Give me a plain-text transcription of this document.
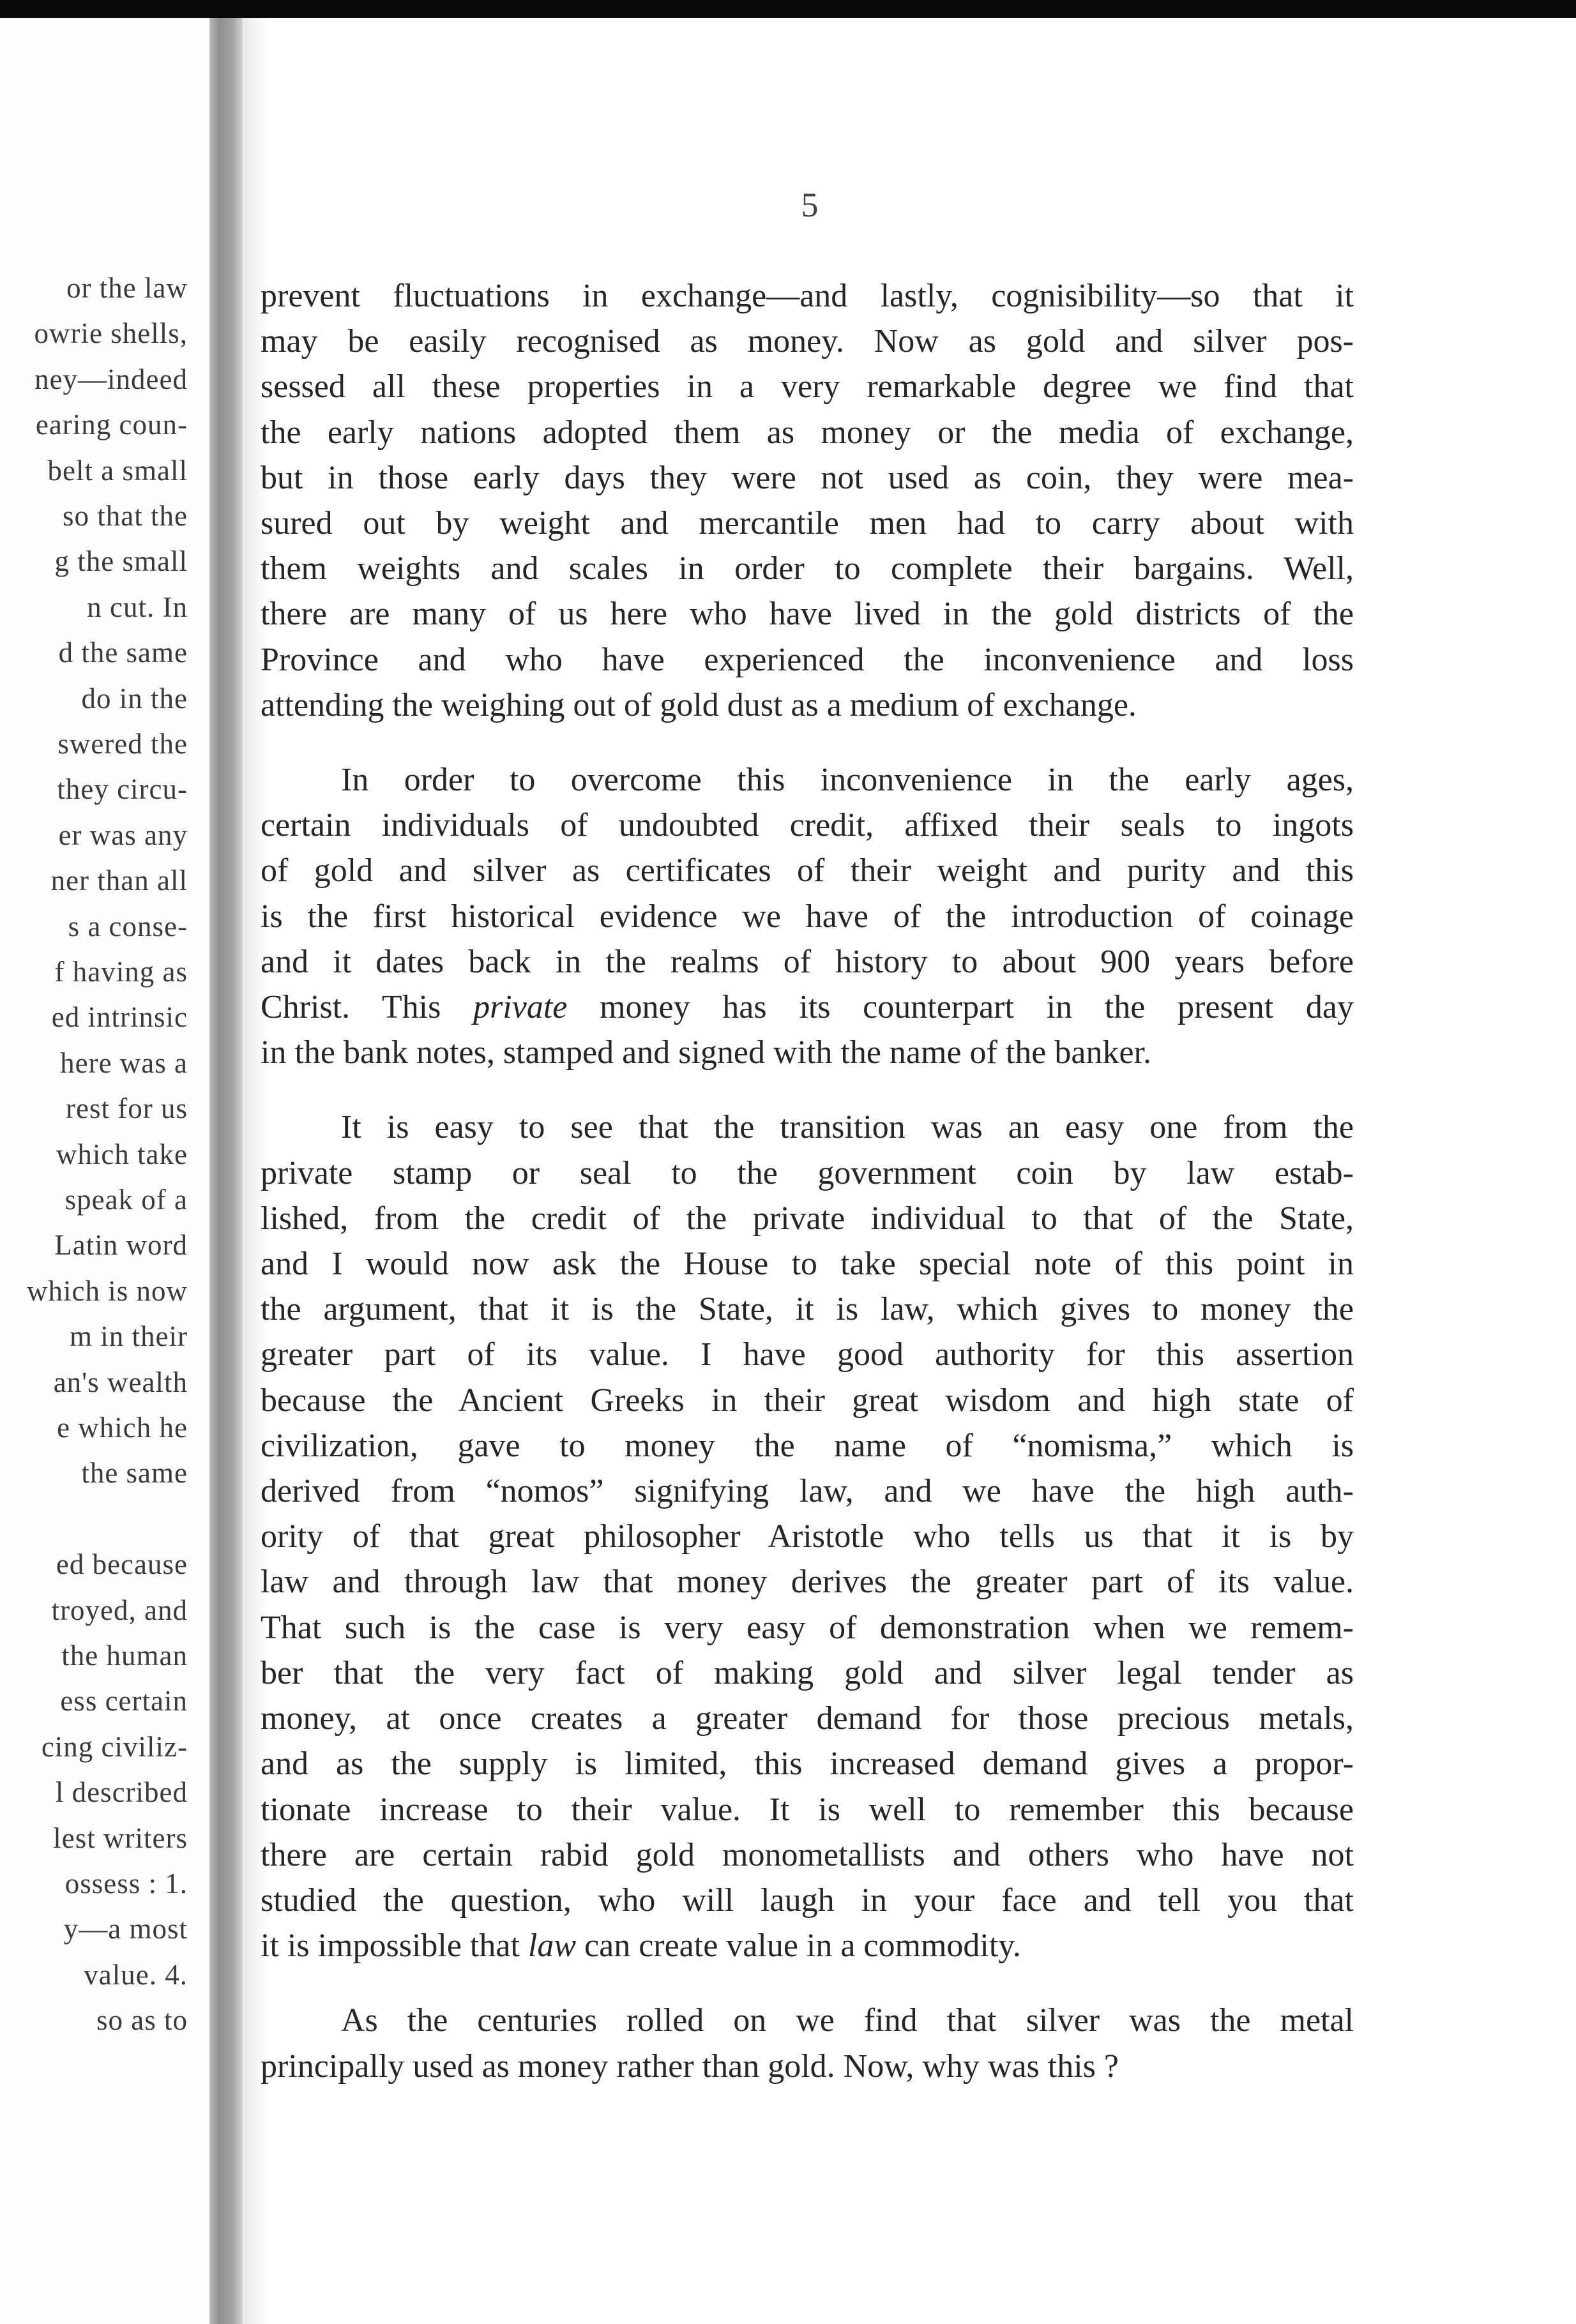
or the law
owrie shells,
ney—indeed
earing coun-
belt a small
so that the
g the small
n cut. In
d the same
do in the
swered the
they circu-
er was any
ner than all
s a conse-
f having as
ed intrinsic
here was a
rest for us
which take
speak of a
Latin word
which is now
m in their
an's wealth
e which he
the same
ed because
troyed, and
the human
ess certain
cing civiliz-
l described
lest writers
ossess : 1.
y—a most
value. 4.
so as to
5
prevent fluctuations in exchange—and lastly, cognisibility—so that it
may be easily recognised as money. Now as gold and silver pos-
sessed all these properties in a very remarkable degree we find that
the early nations adopted them as money or the media of exchange,
but in those early days they were not used as coin, they were mea-
sured out by weight and mercantile men had to carry about with
them weights and scales in order to complete their bargains. Well,
there are many of us here who have lived in the gold districts of the
Province and who have experienced the inconvenience and loss
attending the weighing out of gold dust as a medium of exchange.
In order to overcome this inconvenience in the early ages,
certain individuals of undoubted credit, affixed their seals to ingots
of gold and silver as certificates of their weight and purity and this
is the first historical evidence we have of the introduction of coinage
and it dates back in the realms of history to about 900 years before
Christ. This private money has its counterpart in the present day
in the bank notes, stamped and signed with the name of the banker.
It is easy to see that the transition was an easy one from the
private stamp or seal to the government coin by law estab-
lished, from the credit of the private individual to that of the State,
and I would now ask the House to take special note of this point in
the argument, that it is the State, it is law, which gives to money the
greater part of its value. I have good authority for this assertion
because the Ancient Greeks in their great wisdom and high state of
civilization, gave to money the name of “nomisma,” which is
derived from “nomos” signifying law, and we have the high auth-
ority of that great philosopher Aristotle who tells us that it is by
law and through law that money derives the greater part of its value.
That such is the case is very easy of demonstration when we remem-
ber that the very fact of making gold and silver legal tender as
money, at once creates a greater demand for those precious metals,
and as the supply is limited, this increased demand gives a propor-
tionate increase to their value. It is well to remember this because
there are certain rabid gold monometallists and others who have not
studied the question, who will laugh in your face and tell you that
it is impossible that law can create value in a commodity.
As the centuries rolled on we find that silver was the metal
principally used as money rather than gold. Now, why was this ?
